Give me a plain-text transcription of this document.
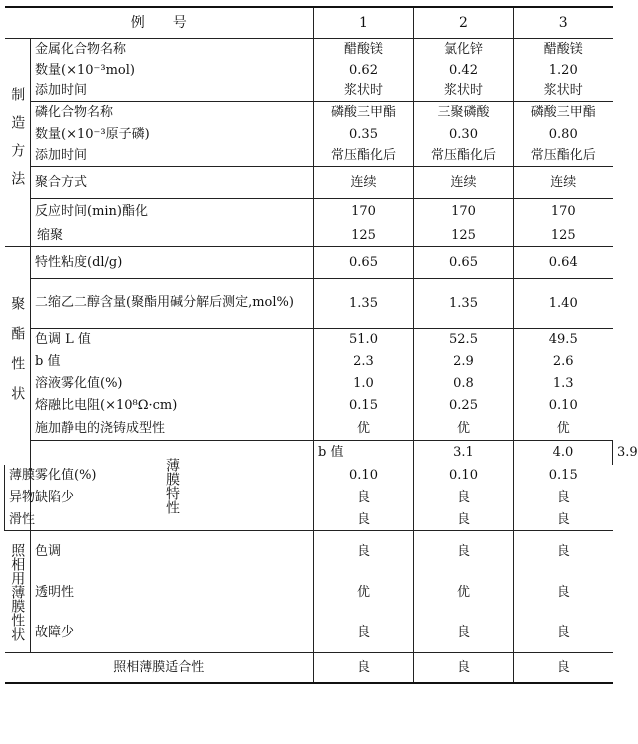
例　　号		1	2	3	

制造方法	金属化合物名称	醋酸镁	氯化锌	醋酸镁	
	数量(×10⁻³mol)	0.62	0.42	1.20	
	添加时间	浆状时	浆状时	浆状时	
	磷化合物名称	磷酸三甲酯	三聚磷酸	磷酸三甲酯	
	数量(×10⁻³原子磷)	0.35	0.30	0.80	
	添加时间	常压酯化后	常压酯化后	常压酯化后	
	聚合方式	连续	连续	连续	
	反应时间(min)酯化	170	170	170	
	缩聚	125	125	125	

聚酯性状	特性粘度(dl/g)	0.65	0.65	0.64	
	二缩乙二醇含量(聚酯用碱分解后测定,mol%)	1.35	1.35	1.40	
	色调 L 值	51.0	52.5	49.5	
	b 值	2.3	2.9	2.6	
	溶液雾化值(%)	1.0	0.8	1.3	
	熔融比电阻(×10⁸Ω·cm)	0.15	0.25	0.10	
	施加静电的浇铸成型性	优	优	优	

	薄膜特性	b 值	3.1	4.0	3.9
薄膜雾化值(%)		0.10	0.10	0.15	
异物缺陷少		良	良	良	
滑性		良	良	良	

照相用薄膜性状	色调	良	良	良	
	透明性	优	优	良	
	故障少	良	良	良	
照相薄膜适合性		良	良	良	
